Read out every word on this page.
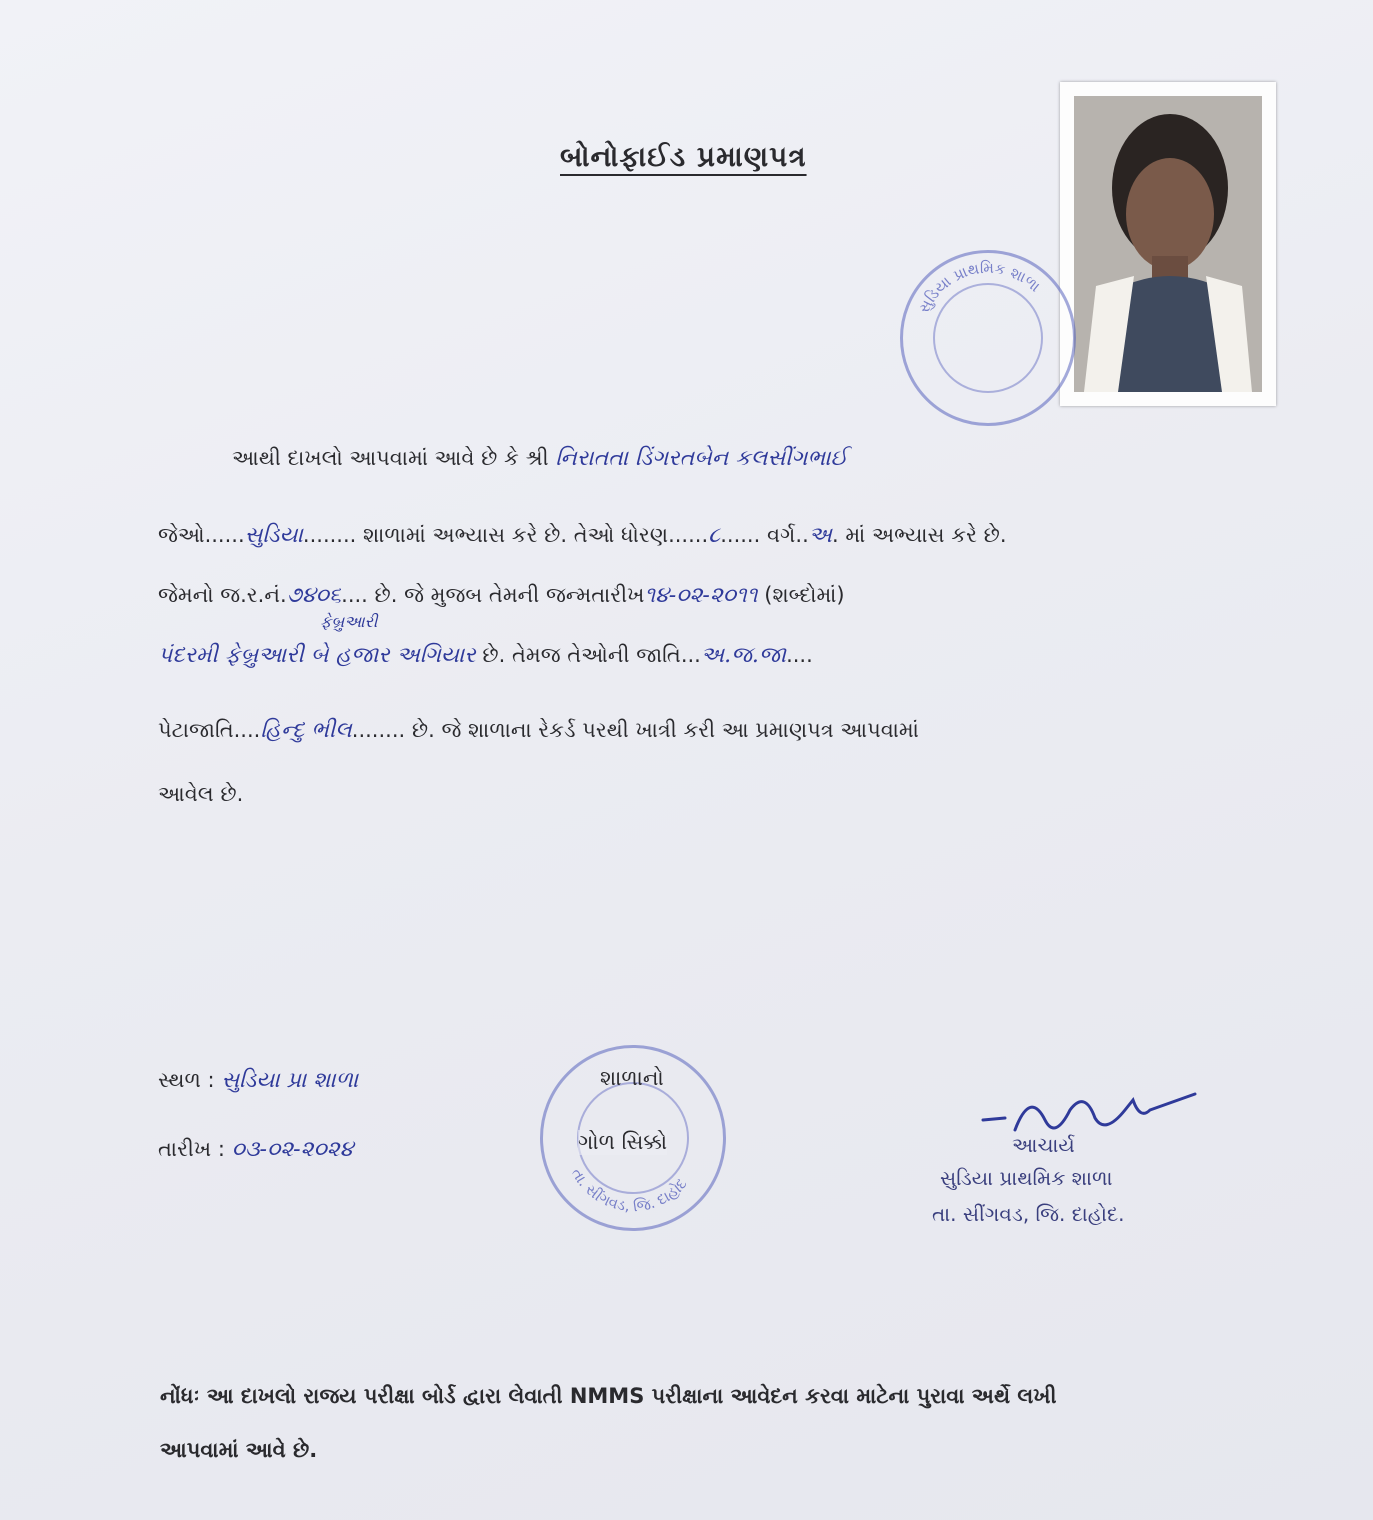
બોનોફાઈડ પ્રમાણપત્ર
સુડિયા પ્રાથમિક શાળા
આથી દાખલો આપવામાં આવે છે કે શ્રી નિરાતતા ડિંગરતબેન કલસીંગભાઈ
જેઓ......સુડિયા........ શાળામાં અભ્યાસ કરે છે. તેઓ ધોરણ......૮...... વર્ગ..અ. માં અભ્યાસ કરે છે.
જેમનો જ.ર.નં.૭૪૦૬.... છે. જે મુજબ તેમની જન્મતારીખ૧૪-૦૨-૨૦૧૧ (શબ્દોમાં)
ફેબ્રુઆરી
પંદરમી ફેબ્રુઆરી બે હજાર અગિયાર છે. તેમજ તેઓની જાતિ...અ.જ.જા....
પેટાજાતિ....હિન્દુ ભીલ........ છે. જે શાળાના રેકર્ડ પરથી ખાત્રી કરી આ પ્રમાણપત્ર આપવામાં
આવેલ છે.
સ્થળ : સુડિયા પ્રા શાળા
તારીખ : ૦૩-૦૨-૨૦૨૪
તા. સીંગવડ, જિ. દાહોદ
શાળાનો
ગોળ સિક્કો	આચાર્ય
સુડિયા પ્રાથમિક શાળા
તા. સીંગવડ, જિ. દાહોદ.
નોંધઃ આ દાખલો રાજય પરીક્ષા બોર્ડ દ્વારા લેવાતી NMMS પરીક્ષાના આવેદન કરવા માટેના પુરાવા અર્થે લખી
આપવામાં આવે છે.
